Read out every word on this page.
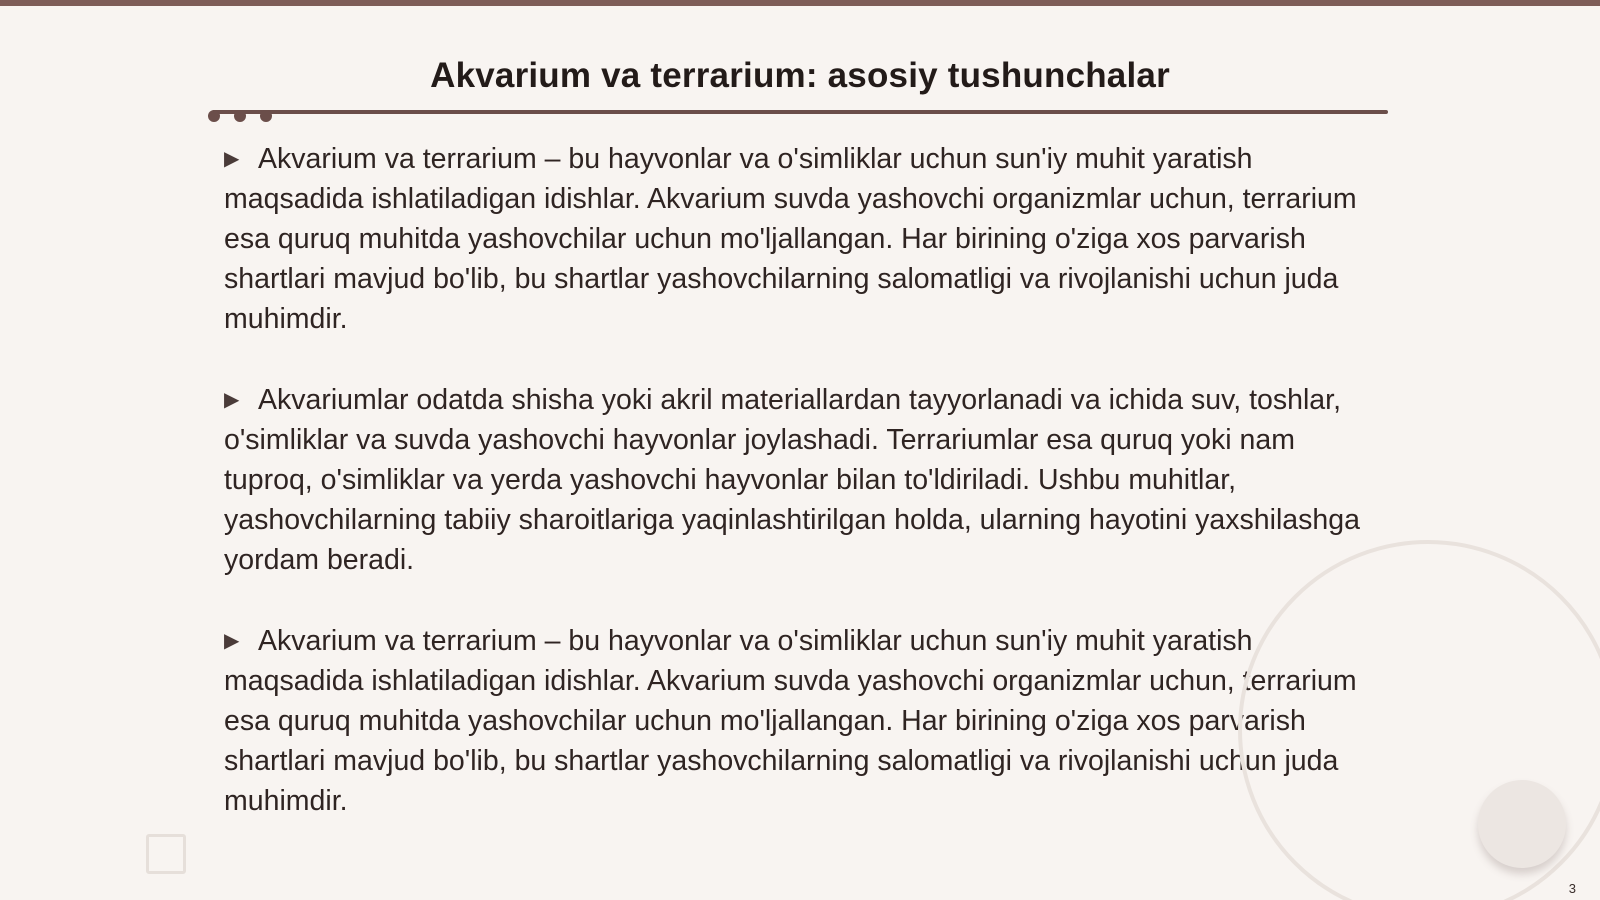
Akvarium va terrarium: asosiy tushunchalar

▶ Akvarium va terrarium – bu hayvonlar va o'simliklar uchun sun'iy muhit yaratish maqsadida ishlatiladigan idishlar. Akvarium suvda yashovchi organizmlar uchun, terrarium esa quruq muhitda yashovchilar uchun mo'ljallangan. Har birining o'ziga xos parvarish shartlari mavjud bo'lib, bu shartlar yashovchilarning salomatligi va rivojlanishi uchun juda muhimdir.

▶ Akvariumlar odatda shisha yoki akril materiallardan tayyorlanadi va ichida suv, toshlar, o'simliklar va suvda yashovchi hayvonlar joylashadi. Terrariumlar esa quruq yoki nam tuproq, o'simliklar va yerda yashovchi hayvonlar bilan to'ldiriladi. Ushbu muhitlar, yashovchilarning tabiiy sharoitlariga yaqinlashtirilgan holda, ularning hayotini yaxshilashga yordam beradi.

▶ Akvarium va terrarium – bu hayvonlar va o'simliklar uchun sun'iy muhit yaratish maqsadida ishlatiladigan idishlar. Akvarium suvda yashovchi organizmlar uchun, terrarium esa quruq muhitda yashovchilar uchun mo'ljallangan. Har birining o'ziga xos parvarish shartlari mavjud bo'lib, bu shartlar yashovchilarning salomatligi va rivojlanishi uchun juda muhimdir.

3
